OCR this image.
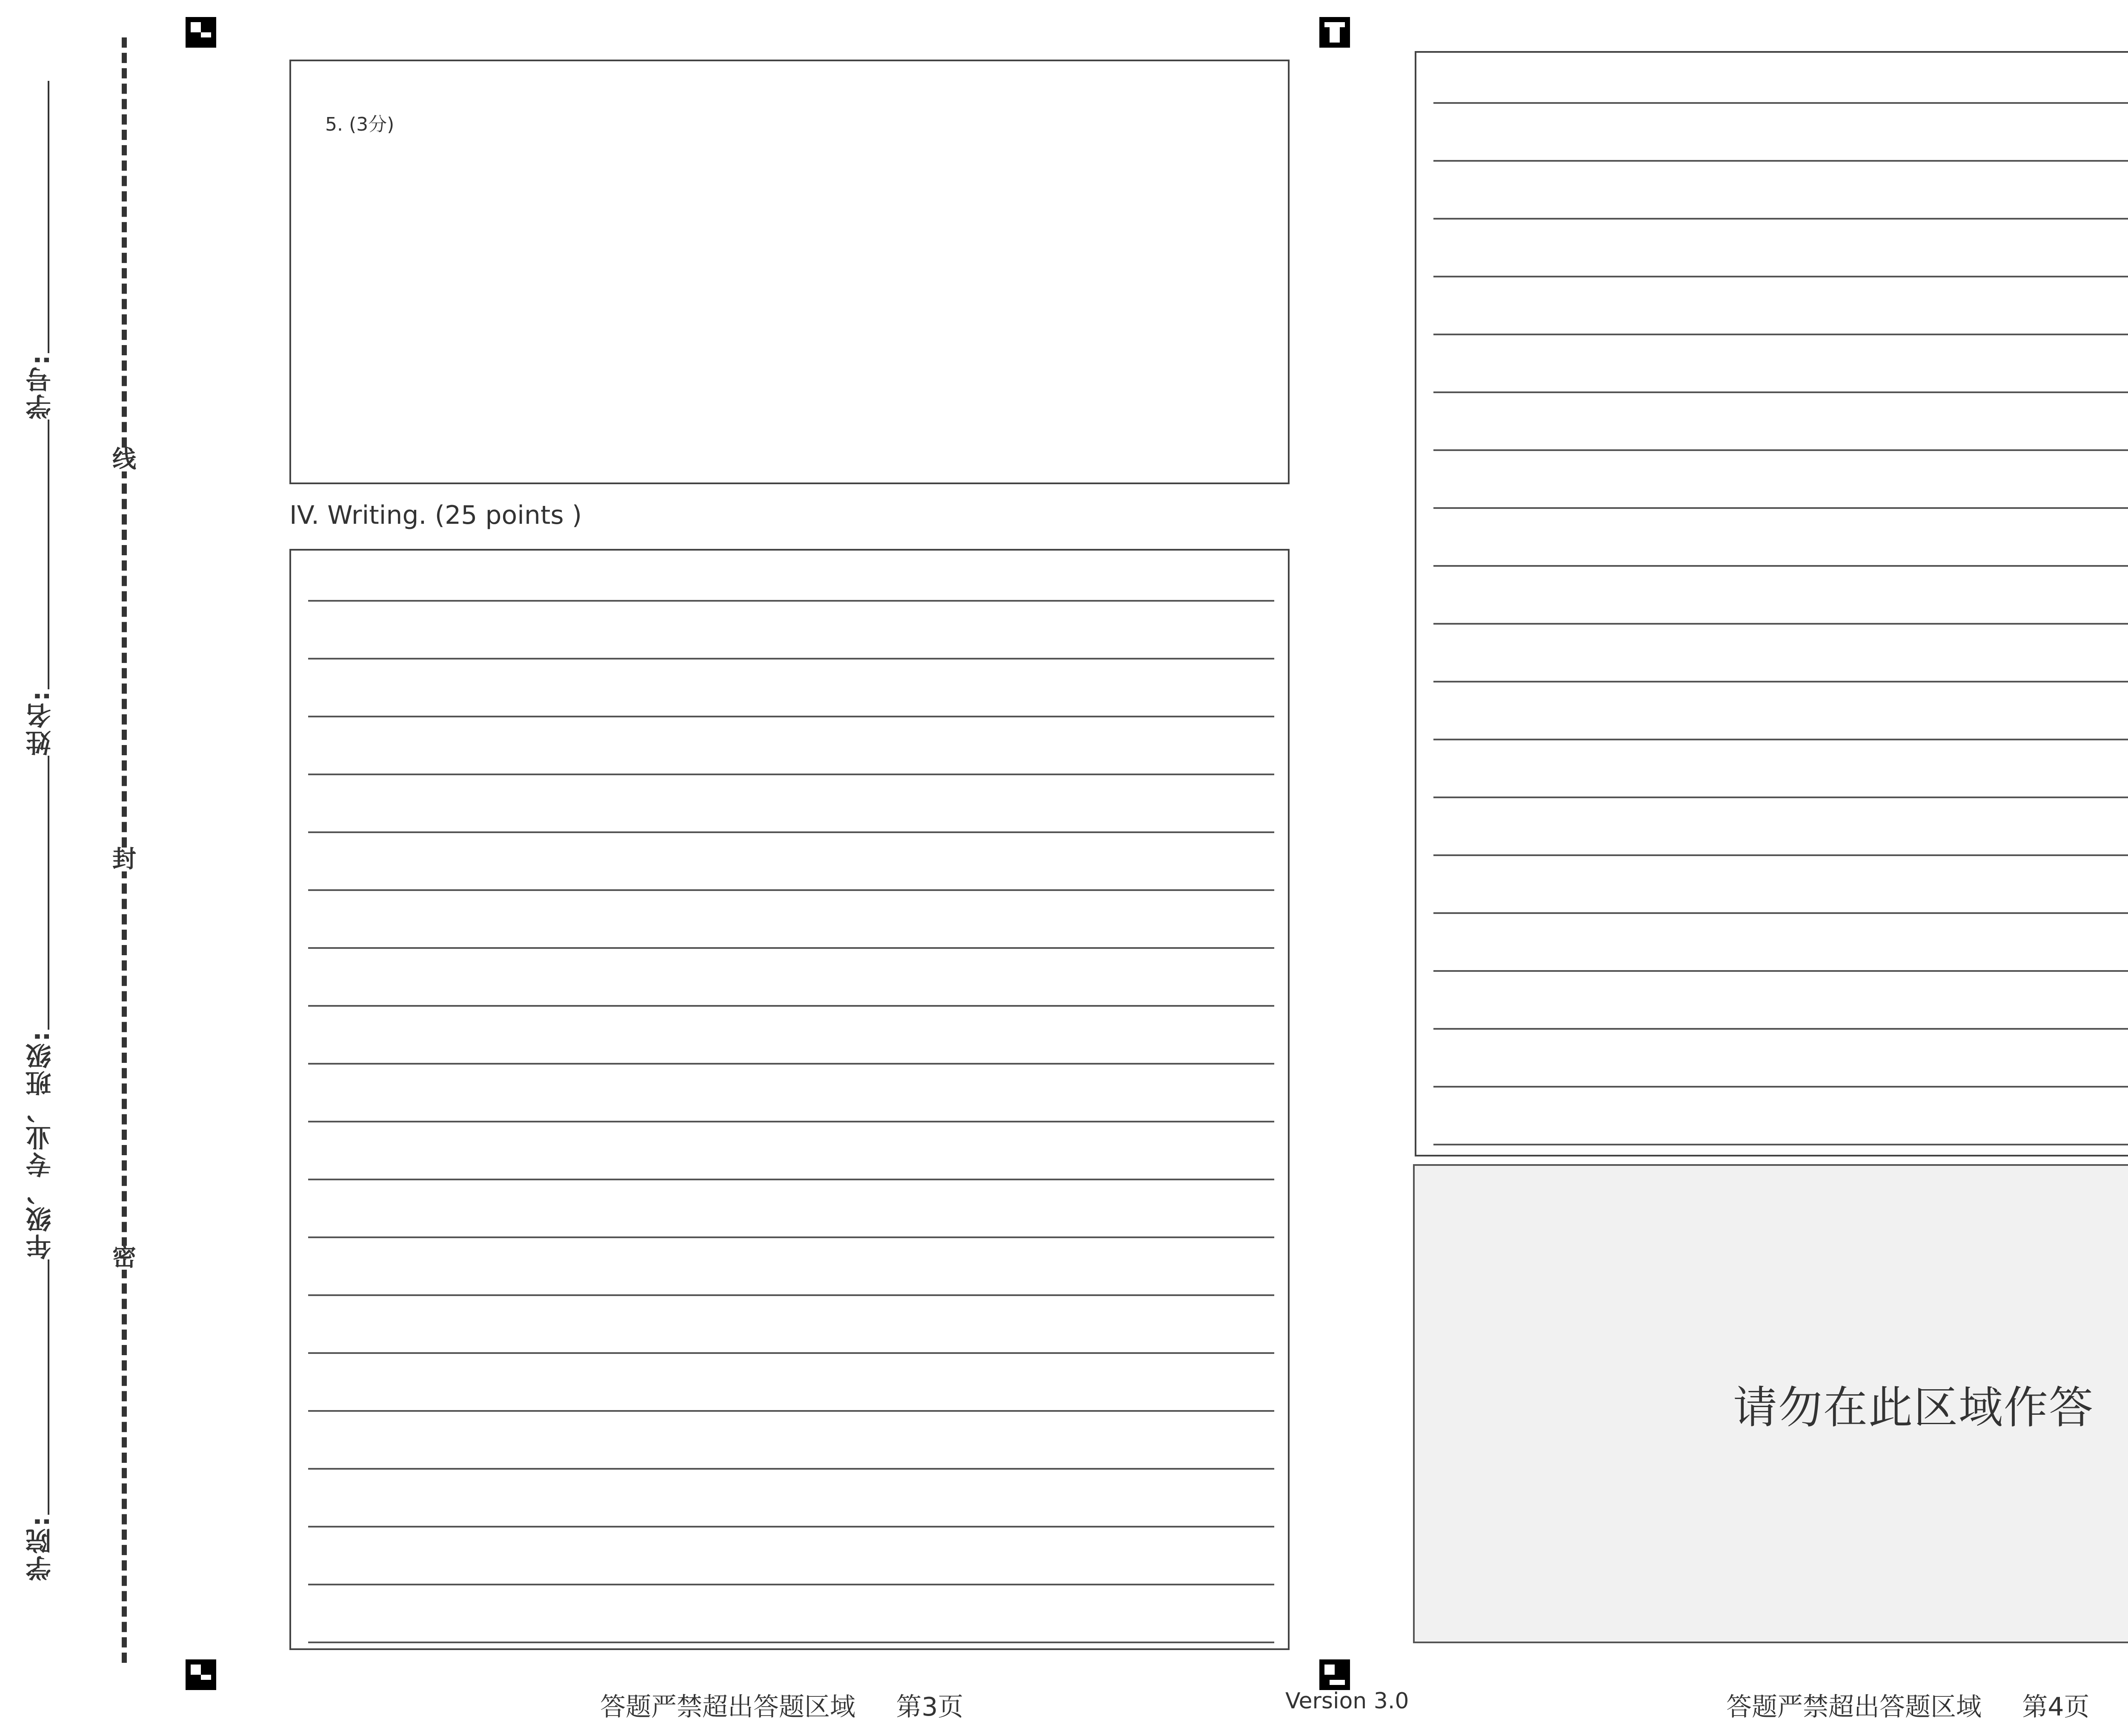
学院:
年级、专业、班级:
姓名:
学号:
密
封
线
5. (3分)
IV. Writing. (25 points )
请勿在此区域作答
答题严禁超出答题区域     第3页	Version 3.0	答题严禁超出答题区域     第4页
